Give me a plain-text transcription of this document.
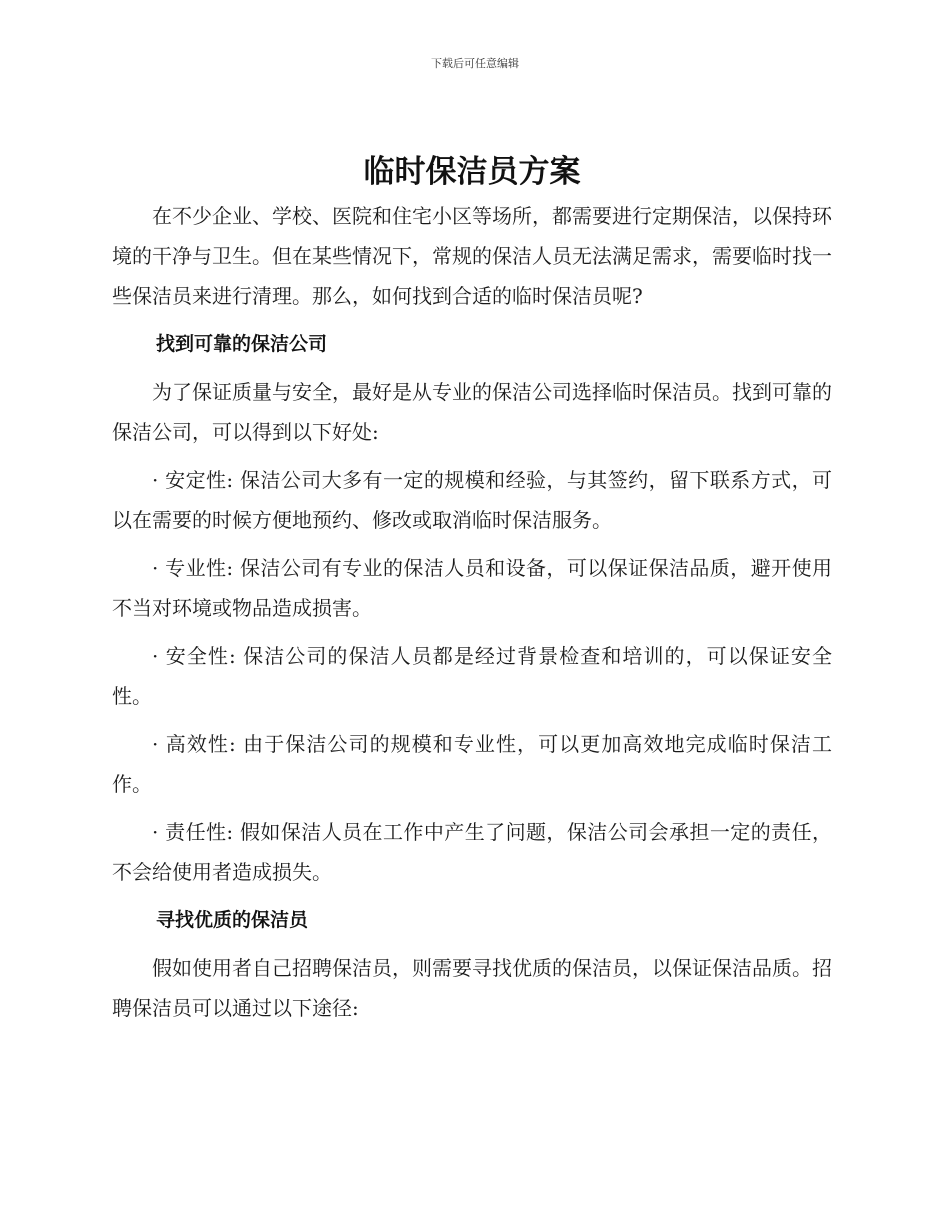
下载后可任意编辑
临时保洁员方案

在不少企业、学校、医院和住宅小区等场所，都需要进行定期保洁，以保持环境的干净与卫生。但在某些情况下，常规的保洁人员无法满足需求，需要临时找一些保洁员来进行清理。那么，如何找到合适的临时保洁员呢?

找到可靠的保洁公司

为了保证质量与安全，最好是从专业的保洁公司选择临时保洁员。找到可靠的保洁公司，可以得到以下好处:

· 安定性: 保洁公司大多有一定的规模和经验，与其签约，留下联系方式，可以在需要的时候方便地预约、修改或取消临时保洁服务。

· 专业性: 保洁公司有专业的保洁人员和设备，可以保证保洁品质，避开使用不当对环境或物品造成损害。

· 安全性: 保洁公司的保洁人员都是经过背景检查和培训的，可以保证安全性。

· 高效性: 由于保洁公司的规模和专业性，可以更加高效地完成临时保洁工作。

· 责任性: 假如保洁人员在工作中产生了问题，保洁公司会承担一定的责任，不会给使用者造成损失。

寻找优质的保洁员

假如使用者自己招聘保洁员，则需要寻找优质的保洁员，以保证保洁品质。招聘保洁员可以通过以下途径:
